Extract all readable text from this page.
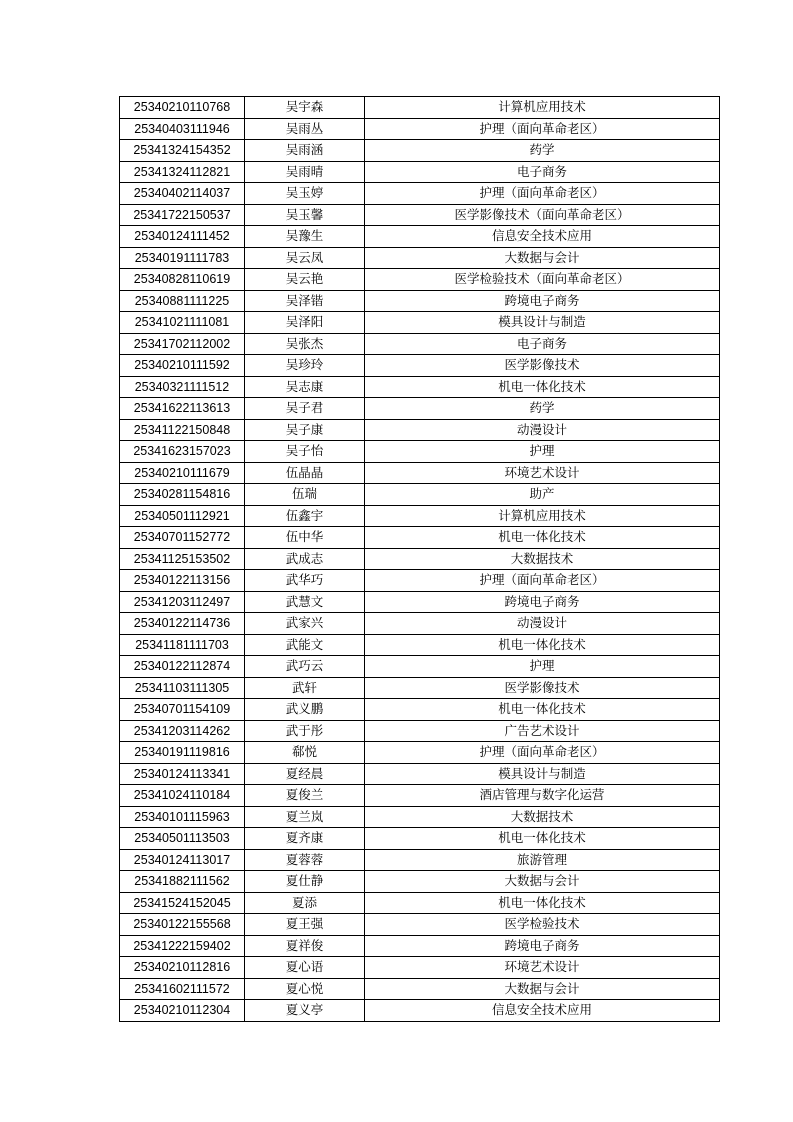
25340210110768	吴宇森	计算机应用技术
25340403111946	吴雨丛	护理（面向革命老区）
25341324154352	吴雨涵	药学
25341324112821	吴雨晴	电子商务
25340402114037	吴玉婷	护理（面向革命老区）
25341722150537	吴玉馨	医学影像技术（面向革命老区）
25340124111452	吴豫生	信息安全技术应用
25340191111783	吴云凤	大数据与会计
25340828110619	吴云艳	医学检验技术（面向革命老区）
25340881111225	吴泽锴	跨境电子商务
25341021111081	吴泽阳	模具设计与制造
25341702112002	吴张杰	电子商务
25340210111592	吴珍玲	医学影像技术
25340321111512	吴志康	机电一体化技术
25341622113613	吴子君	药学
25341122150848	吴子康	动漫设计
25341623157023	吴子怡	护理
25340210111679	伍晶晶	环境艺术设计
25340281154816	伍瑞	助产
25340501112921	伍鑫宇	计算机应用技术
25340701152772	伍中华	机电一体化技术
25341125153502	武成志	大数据技术
25340122113156	武华巧	护理（面向革命老区）
25341203112497	武慧文	跨境电子商务
25340122114736	武家兴	动漫设计
25341181111703	武能文	机电一体化技术
25340122112874	武巧云	护理
25341103111305	武轩	医学影像技术
25340701154109	武义鹏	机电一体化技术
25341203114262	武于彤	广告艺术设计
25340191119816	郗悦	护理（面向革命老区）
25340124113341	夏经晨	模具设计与制造
25341024110184	夏俊兰	酒店管理与数字化运营
25340101115963	夏兰岚	大数据技术
25340501113503	夏齐康	机电一体化技术
25340124113017	夏蓉蓉	旅游管理
25341882111562	夏仕静	大数据与会计
25341524152045	夏添	机电一体化技术
25340122155568	夏王强	医学检验技术
25341222159402	夏祥俊	跨境电子商务
25340210112816	夏心语	环境艺术设计
25341602111572	夏心悦	大数据与会计
25340210112304	夏义亭	信息安全技术应用
